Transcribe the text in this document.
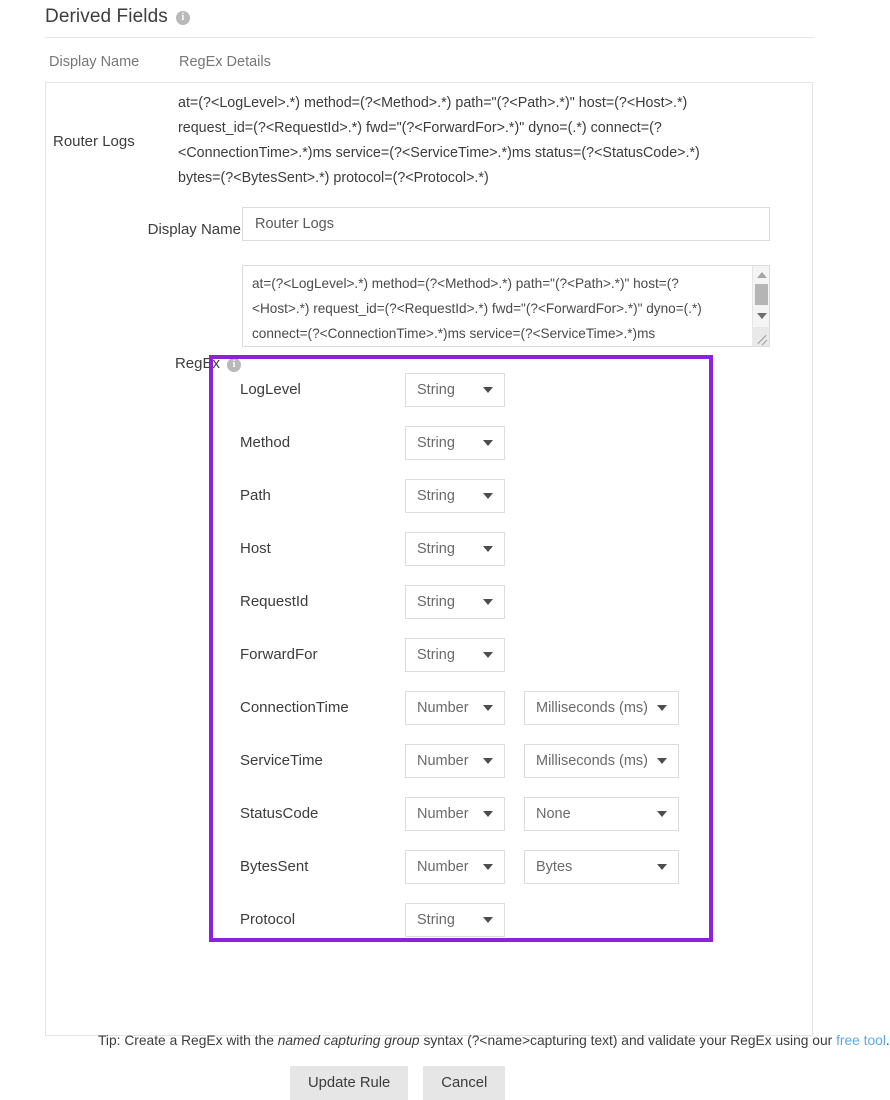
Derived Fields
i
Display Name	RegEx Details
Router Logs
at=(?<LogLevel>.*) method=(?<Method>.*) path="(?<Path>.*)" host=(?<Host>.*) request_id=(?<RequestId>.*) fwd="(?<ForwardFor>.*)" dyno=(.*) connect=(?<ConnectionTime>.*)ms service=(?<ServiceTime>.*)ms status=(?<StatusCode>.*) bytes=(?<BytesSent>.*) protocol=(?<Protocol>.*)
Display Name
Router Logs
RegEx
i
at=(?<LogLevel>.*) method=(?<Method>.*) path="(?<Path>.*)" host=(?<Host>.*) request_id=(?<RequestId>.*) fwd="(?<ForwardFor>.*)" dyno=(.*) connect=(?<ConnectionTime>.*)ms service=(?<ServiceTime>.*)ms
LogLevel	String
Method	String
Path	String
Host	String
RequestId	String
ForwardFor	String
ConnectionTime	Number	Milliseconds (ms)
ServiceTime	Number	Milliseconds (ms)
StatusCode	Number	None
BytesSent	Number	Bytes
Protocol	String
Tip: Create a RegEx with the named capturing group syntax (?<name>capturing text) and validate your RegEx using our free tool.
Update Rule	Cancel
